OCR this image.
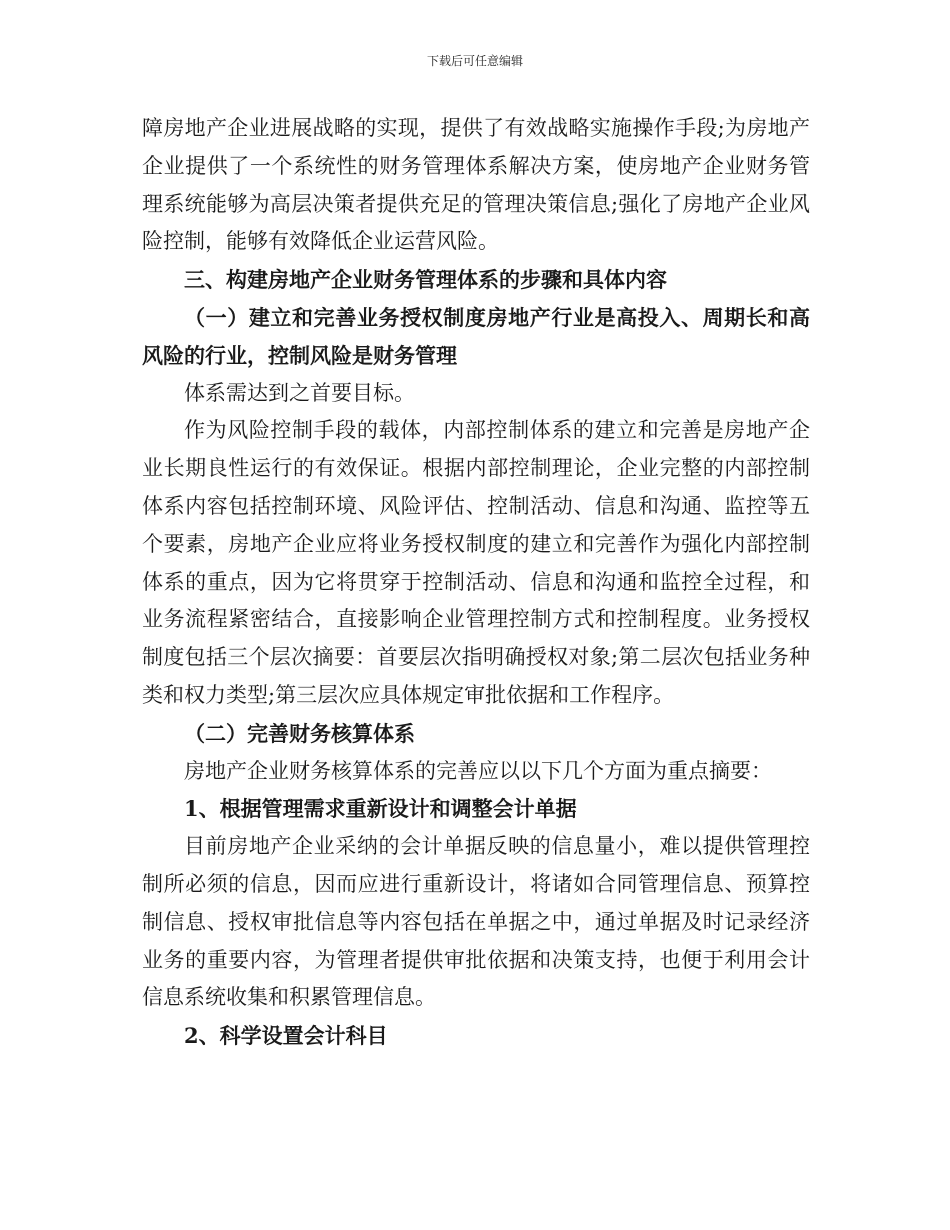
下载后可任意编辑

障房地产企业进展战略的实现，提供了有效战略实施操作手段;为房地产企业提供了一个系统性的财务管理体系解决方案，使房地产企业财务管理系统能够为高层决策者提供充足的管理决策信息;强化了房地产企业风险控制，能够有效降低企业运营风险。

三、构建房地产企业财务管理体系的步骤和具体内容

（一）建立和完善业务授权制度房地产行业是高投入、周期长和高风险的行业，控制风险是财务管理

体系需达到之首要目标。

作为风险控制手段的载体，内部控制体系的建立和完善是房地产企业长期良性运行的有效保证。根据内部控制理论，企业完整的内部控制体系内容包括控制环境、风险评估、控制活动、信息和沟通、监控等五个要素，房地产企业应将业务授权制度的建立和完善作为强化内部控制体系的重点，因为它将贯穿于控制活动、信息和沟通和监控全过程，和业务流程紧密结合，直接影响企业管理控制方式和控制程度。业务授权制度包括三个层次摘要：首要层次指明确授权对象;第二层次包括业务种类和权力类型;第三层次应具体规定审批依据和工作程序。

（二）完善财务核算体系

房地产企业财务核算体系的完善应以以下几个方面为重点摘要：

1、根据管理需求重新设计和调整会计单据

目前房地产企业采纳的会计单据反映的信息量小，难以提供管理控制所必须的信息，因而应进行重新设计，将诸如合同管理信息、预算控制信息、授权审批信息等内容包括在单据之中，通过单据及时记录经济业务的重要内容，为管理者提供审批依据和决策支持，也便于利用会计信息系统收集和积累管理信息。

2、科学设置会计科目
